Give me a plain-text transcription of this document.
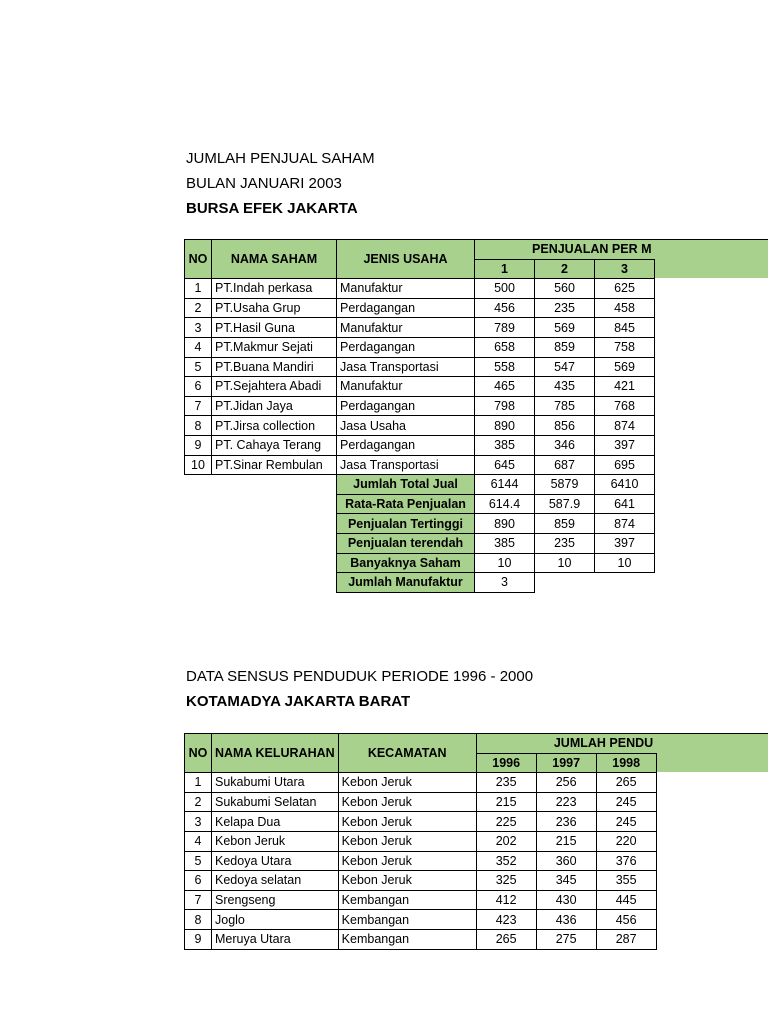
JUMLAH PENJUAL SAHAM
BULAN JANUARI 2003
BURSA EFEK JAKARTA
NO	NAMA SAHAM	JENIS USAHA	PENJUALAN PER M		
			1	2	3
1	PT.Indah perkasa	Manufaktur	500	560	625
2	PT.Usaha Grup	Perdagangan	456	235	458
3	PT.Hasil Guna	Manufaktur	789	569	845
4	PT.Makmur Sejati	Perdagangan	658	859	758
5	PT.Buana Mandiri	Jasa Transportasi	558	547	569
6	PT.Sejahtera Abadi	Manufaktur	465	435	421
7	PT.Jidan Jaya	Perdagangan	798	785	768
8	PT.Jirsa collection	Jasa Usaha	890	856	874
9	PT. Cahaya Terang	Perdagangan	385	346	397
10	PT.Sinar Rembulan	Jasa Transportasi	645	687	695
		Jumlah Total Jual	6144	5879	6410
		Rata-Rata Penjualan	614.4	587.9	641
		Penjualan Tertinggi	890	859	874
		Penjualan terendah	385	235	397
		Banyaknya Saham	10	10	10
		Jumlah Manufaktur	3		
DATA SENSUS PENDUDUK PERIODE 1996 - 2000
KOTAMADYA JAKARTA BARAT
NO	NAMA KELURAHAN	KECAMATAN	JUMLAH PENDU		
			1996	1997	1998
1	Sukabumi Utara	Kebon Jeruk	235	256	265
2	Sukabumi Selatan	Kebon Jeruk	215	223	245
3	Kelapa Dua	Kebon Jeruk	225	236	245
4	Kebon Jeruk	Kebon Jeruk	202	215	220
5	Kedoya Utara	Kebon Jeruk	352	360	376
6	Kedoya selatan	Kebon Jeruk	325	345	355
7	Srengseng	Kembangan	412	430	445
8	Joglo	Kembangan	423	436	456
9	Meruya Utara	Kembangan	265	275	287
